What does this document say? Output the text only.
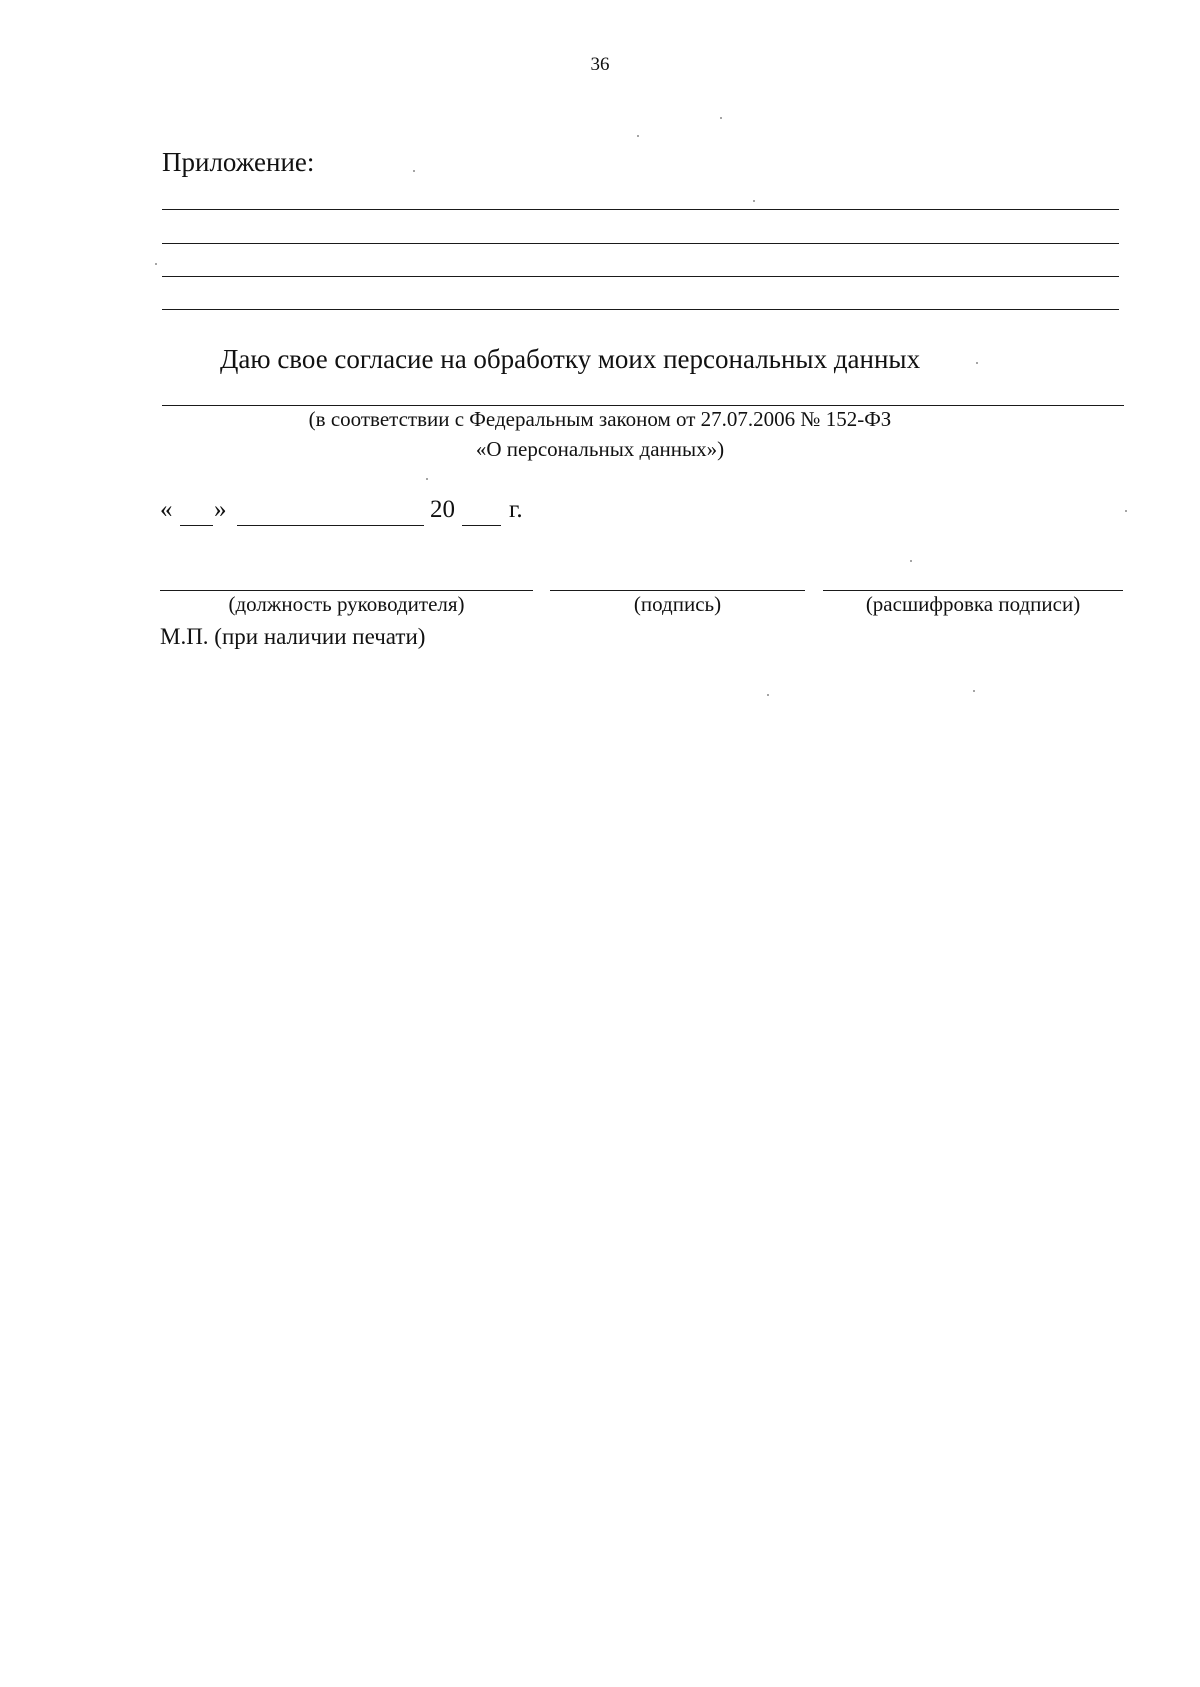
36
Приложение:
Даю свое согласие на обработку моих персональных данных
(в соответствии с Федеральным законом от 27.07.2006 № 152-ФЗ
«О персональных данных»)
« »	20 г.
(должность руководителя)	(подпись)	(расшифровка подписи)
М.П. (при наличии печати)
